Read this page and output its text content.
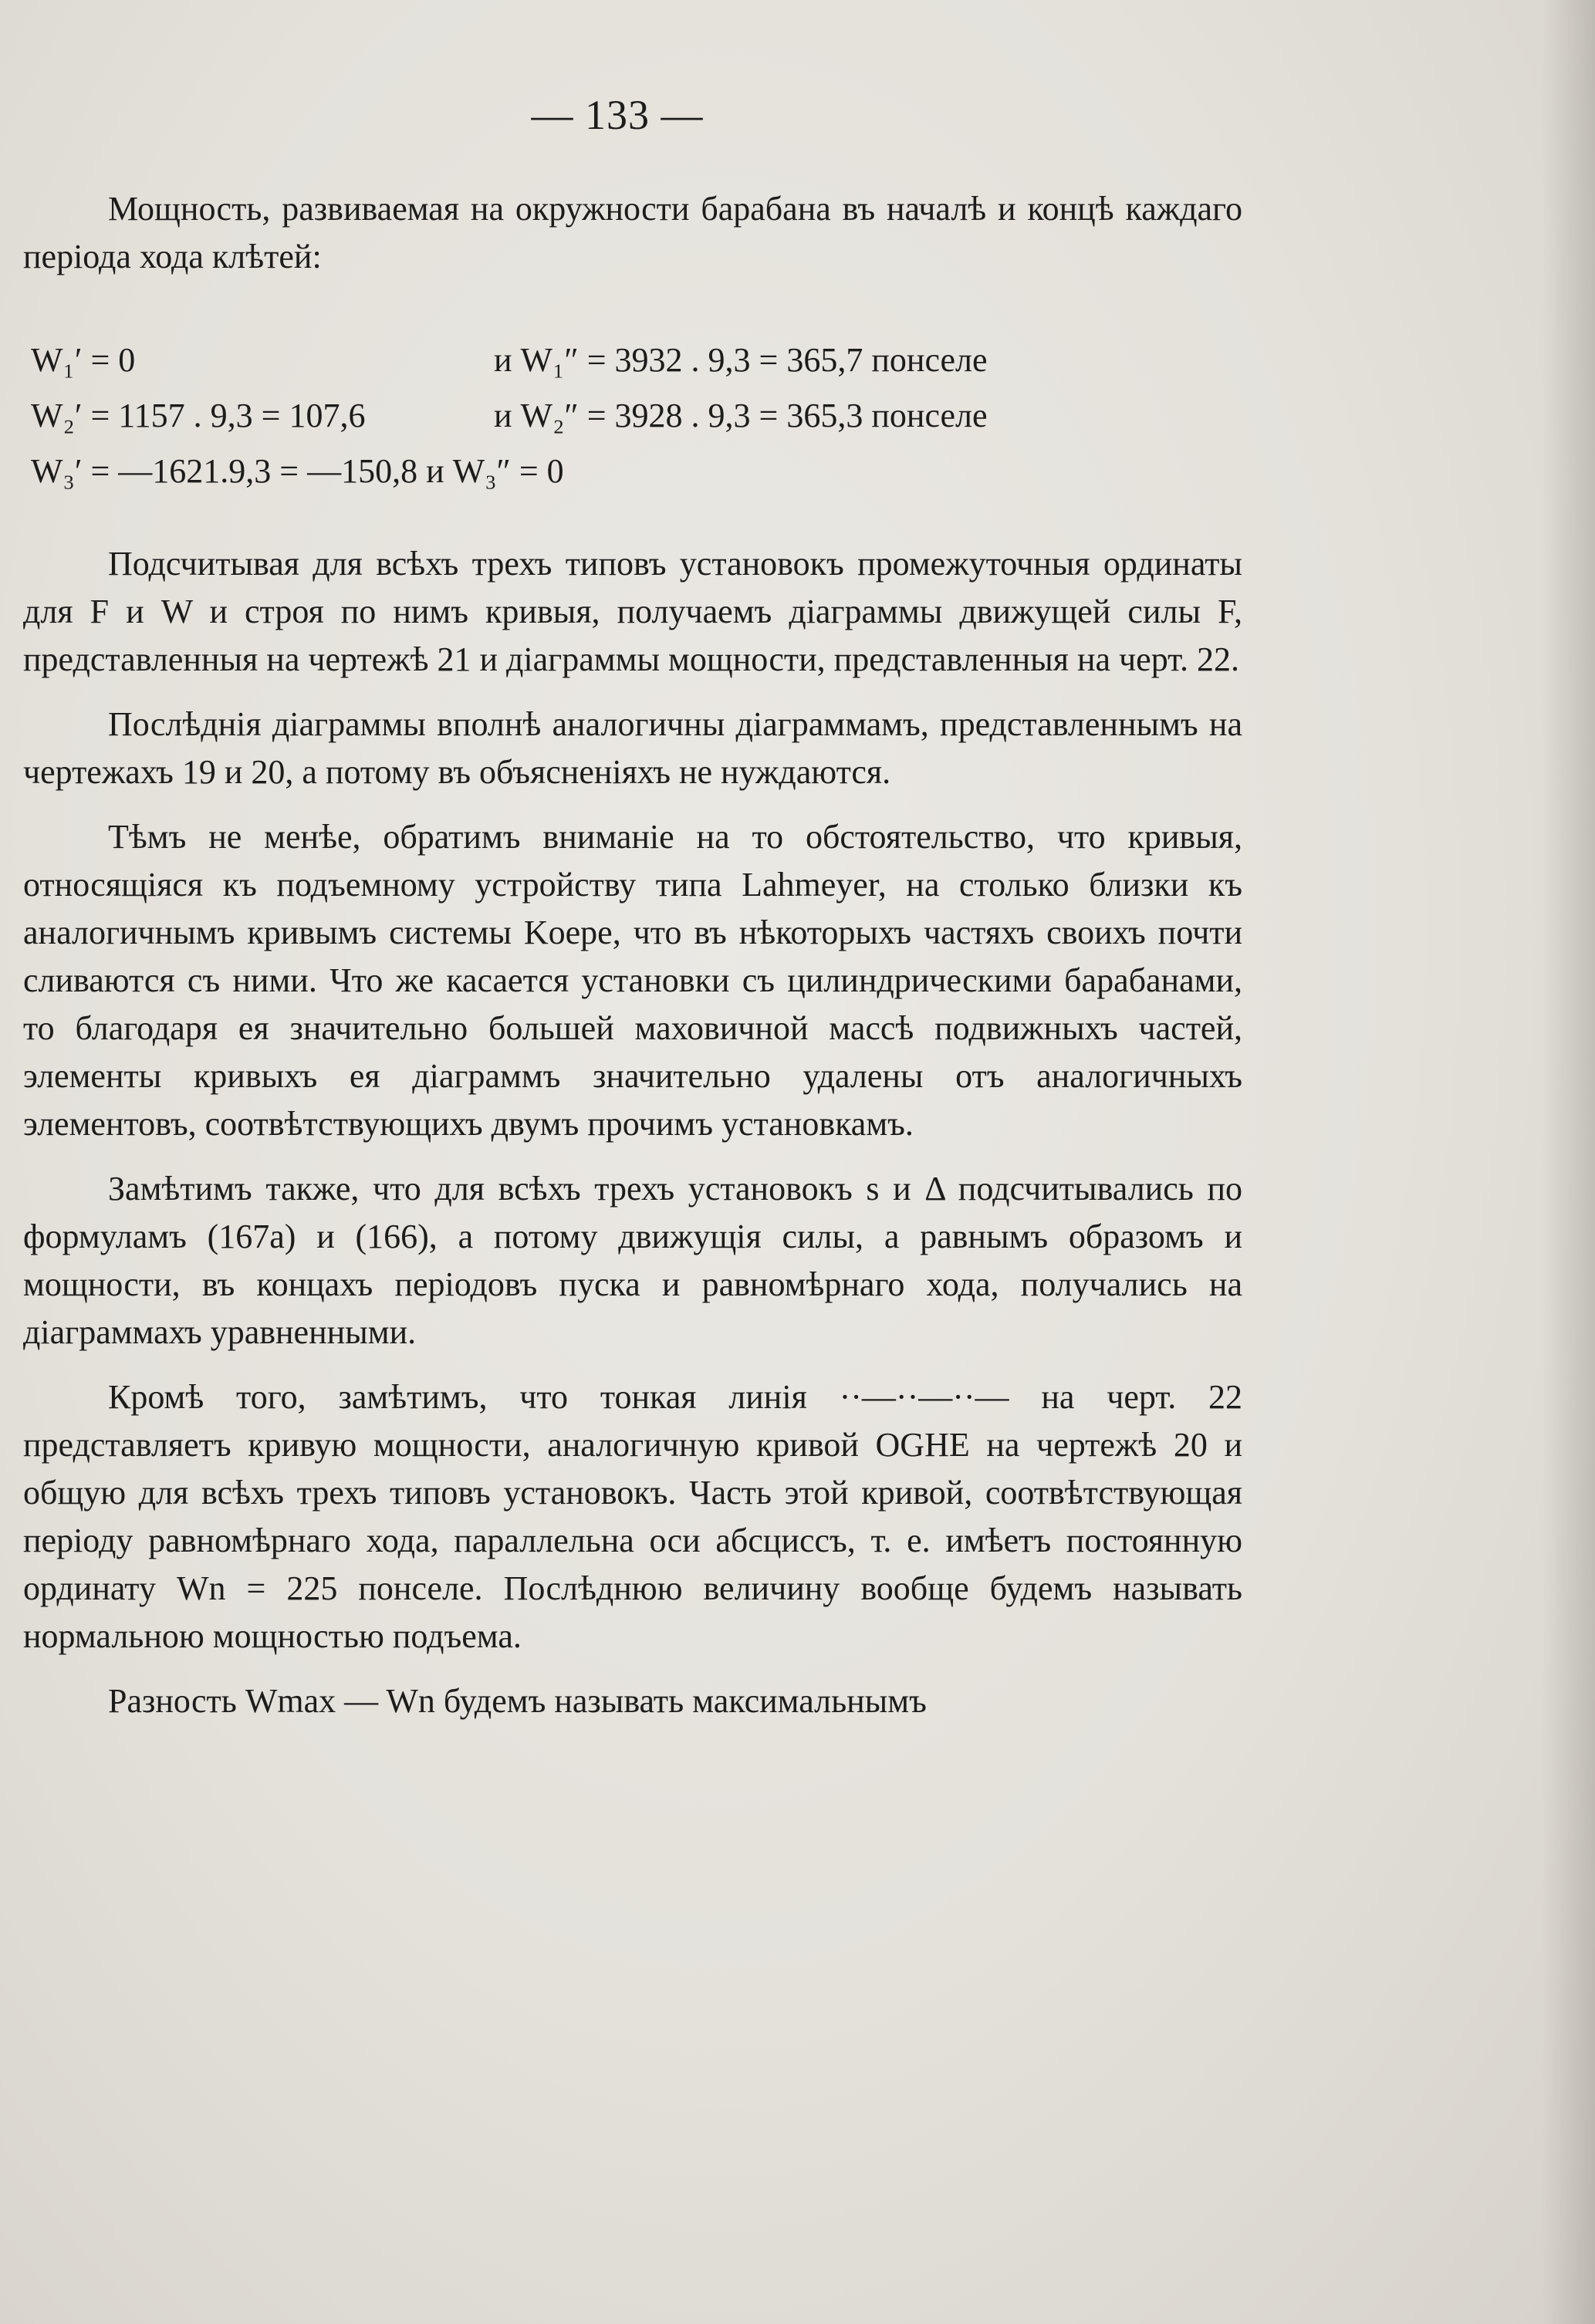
— 133 —

Мощность, развиваемая на окружности барабана въ началѣ и концѣ каждаго періода хода клѣтей:

W₁′ = 0	и W₁″ = 3932 . 9,3 = 365,7 понселе
W₂′ = 1157 . 9,3 = 107,6	и W₂″ = 3928 . 9,3 = 365,3 понселе
W₃′ = —1621.9,3 = —150,8 и W₃″ = 0

Подсчитывая для всѣхъ трехъ типовъ установокъ промежуточныя ординаты для F и W и строя по нимъ кривыя, получаемъ діаграммы движущей силы F, представленныя на чертежѣ 21 и діаграммы мощности, представленныя на черт. 22.

Послѣднія діаграммы вполнѣ аналогичны діаграммамъ, представленнымъ на чертежахъ 19 и 20, а потому въ объясненіяхъ не нуждаются.

Тѣмъ не менѣе, обратимъ вниманіе на то обстоятельство, что кривыя, относящіяся къ подъемному устройству типа Lahmeyer, на столько близки къ аналогичнымъ кривымъ системы Koepe, что въ нѣкоторыхъ частяхъ своихъ почти сливаются съ ними. Что же касается установки съ цилиндрическими барабанами, то благодаря ея значительно большей маховичной массѣ подвижныхъ частей, элементы кривыхъ ея діаграммъ значительно удалены отъ аналогичныхъ элементовъ, соотвѣтствующихъ двумъ прочимъ установкамъ.

Замѣтимъ также, что для всѣхъ трехъ установокъ s и Δ подсчитывались по формуламъ (167а) и (166), а потому движущія силы, а равнымъ образомъ и мощности, въ концахъ періодовъ пуска и равномѣрнаго хода, получались на діаграммахъ уравненными.

Кромѣ того, замѣтимъ, что тонкая линія ··—··—··— на черт. 22 представляетъ кривую мощности, аналогичную кривой OGHE на чертежѣ 20 и общую для всѣхъ трехъ типовъ установокъ. Часть этой кривой, соотвѣтствующая періоду равномѣрнаго хода, параллельна оси абсциссъ, т. е. имѣетъ постоянную ординату Wn = 225 понселе. Послѣднюю величину вообще будемъ называть нормальною мощностью подъема.

Разность Wmax — Wn будемъ называть максимальнымъ
